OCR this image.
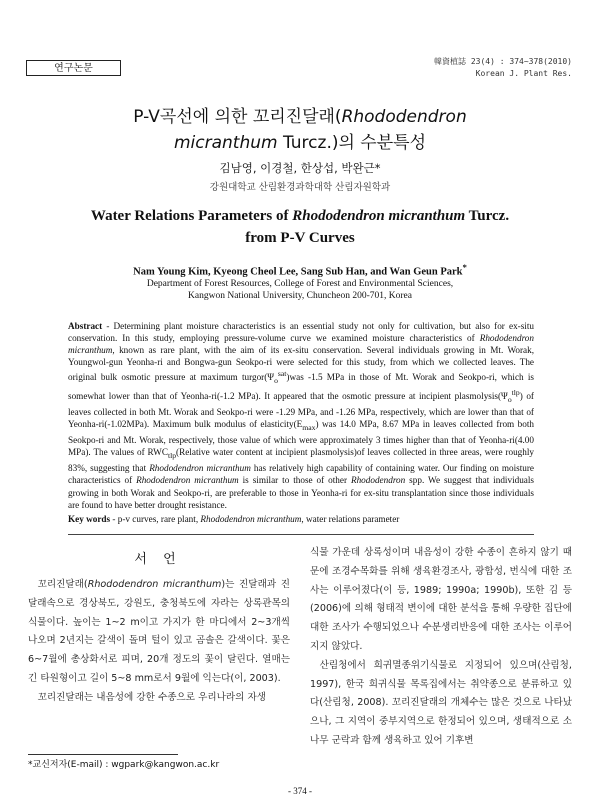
연구논문
韓資植誌 23(4) : 374~378(2010)
Korean J. Plant Res.
P-V곡선에 의한 꼬리진달래(Rhododendron
micranthum Turcz.)의 수분특성
김남영, 이경철, 한상섭, 박완근*
강원대학교 산림환경과학대학 산림자원학과
Water Relations Parameters of Rhododendron micranthum Turcz.
from P-V Curves
Nam Young Kim, Kyeong Cheol Lee, Sang Sub Han, and Wan Geun Park*
Department of Forest Resources, College of Forest and Environmental Sciences,
Kangwon National University, Chuncheon 200-701, Korea
Abstract - Determining plant moisture characteristics is an essential study not only for cultivation, but also for ex-situ conservation. In this study, employing pressure-volume curve we examined moisture characteristics of Rhododendron micranthum, known as rare plant, with the aim of its ex-situ conservation. Several individuals growing in Mt. Worak, Youngwol-gun Yeonha-ri and Bongwa-gun Seokpo-ri were selected for this study, from which we collected leaves. The original bulk osmotic pressure at maximum $turgor(\Psi_o^{sat})was$ -1.5 MPa in those of Mt. Worak and Seokpo-ri, which is somewhat lower than that of Yeonha-ri(-1.2 MPa). It appeared that the osmotic pressure at incipient $plasmolysis(\Psi_o^{tlp})$ of leaves collected in both Mt. Worak and Seokpo-ri were -1.29 MPa, and -1.26 MPa, respectively, which are lower than that of Yeonha-ri(-1.02MPa). Maximum bulk modulus of $elasticity(E_{max})$ was 14.0 MPa, 8.67 MPa in leaves collected from both Seokpo-ri and Mt. Worak, respectively, those value of which were approximately 3 times higher than that of Yeonha-ri(4.00 MPa). The values of $RWC_{tlp}(Relative$ water content at incipient plasmolysis)of leaves collected in three areas, were roughly 83%, suggesting that Rhododendron micranthum has relatively high capability of containing water. Our finding on moisture characteristics of Rhododendron micranthum is similar to those of other Rhododendron spp. We suggest that individuals growing in both Worak and Seokpo-ri, are preferable to those in Yeonha-ri for ex-situ transplantation since those individuals are found to have better drought resistance.
Key words - p-v curves, rare plant, Rhododendron micranthum, water relations parameter
서 언

꼬리진달래(Rhododendron micranthum)는 진달래과 진달래속으로 경상북도, 강원도, 충청북도에 자라는 상록관목의 식물이다. 높이는 1~2 m이고 가지가 한 마디에서 2~3개씩 나오며 2년지는 갈색이 돌며 털이 있고 곰솔은 갈색이다. 꽃은 6~7월에 총상화서로 피며, 20개 정도의 꽃이 달린다. 열매는 긴 타원형이고 길이 5~8 mm로서 9월에 익는다(이, 2003).

꼬리진달래는 내음성에 강한 수종으로 우리나라의 자생

식물 가운데 상록성이며 내음성이 강한 수종이 흔하지 않기 때문에 조경수목화를 위해 생육환경조사, 광합성, 번식에 대한 조사는 이루어졌다(이 등, 1989; 1990a; 1990b), 또한 김 등(2006)에 의해 형태적 변이에 대한 분석을 통해 우량한 집단에 대한 조사가 수행되었으나 수분생리반응에 대한 조사는 이루어지지 않았다.

산림청에서 희귀멸종위기식물로 지정되어 있으며(산림청, 1997), 한국 희귀식물 목록집에서는 취약종으로 분류하고 있다(산림청, 2008). 꼬리진달래의 개체수는 많은 것으로 나타났으나, 그 지역이 중부지역으로 한정되어 있으며, 생태적으로 소나무 군락과 함께 생육하고 있어 기후변

*교신저자(E-mail) : wgpark@kangwon.ac.kr
- 374 -
